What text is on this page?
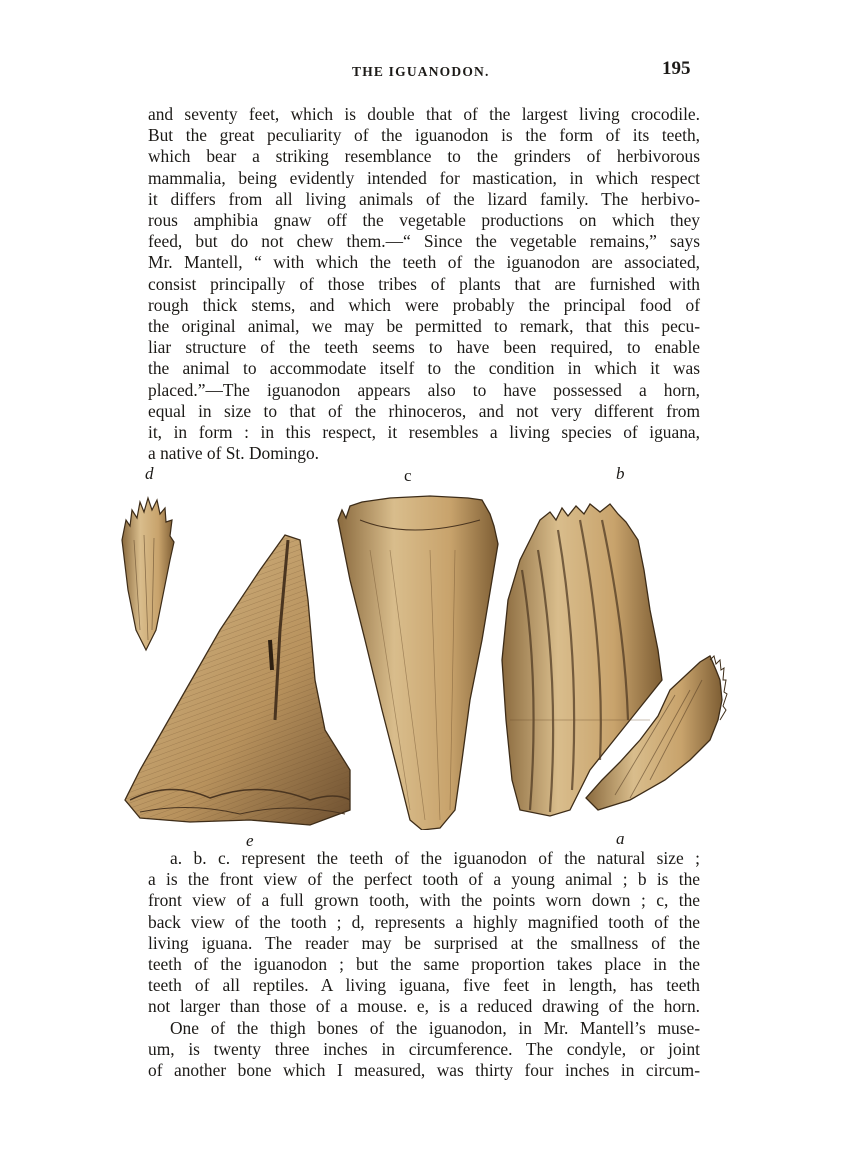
THE IGUANODON.	195
and seventy feet, which is double that of the largest living crocodile.
But the great peculiarity of the iguanodon is the form of its teeth,
which bear a striking resemblance to the grinders of herbivorous
mammalia, being evidently intended for mastication, in which respect
it differs from all living animals of the lizard family. The herbivo-
rous amphibia gnaw off the vegetable productions on which they
feed, but do not chew them.—“ Since the vegetable remains,” says
Mr. Mantell, “ with which the teeth of the iguanodon are associated,
consist principally of those tribes of plants that are furnished with
rough thick stems, and which were probably the principal food of
the original animal, we may be permitted to remark, that this pecu-
liar structure of the teeth seems to have been required, to enable
the animal to accommodate itself to the condition in which it was
placed.”—The iguanodon appears also to have possessed a horn,
equal in size to that of the rhinoceros, and not very different from
it, in form : in this respect, it resembles a living species of iguana,
a native of St. Domingo.
d	c	b
e	a
a. b. c. represent the teeth of the iguanodon of the natural size ;
a is the front view of the perfect tooth of a young animal ; b is the
front view of a full grown tooth, with the points worn down ; c, the
back view of the tooth ; d, represents a highly magnified tooth of the
living iguana. The reader may be surprised at the smallness of the
teeth of the iguanodon ; but the same proportion takes place in the
teeth of all reptiles. A living iguana, five feet in length, has teeth
not larger than those of a mouse. e, is a reduced drawing of the horn.
One of the thigh bones of the iguanodon, in Mr. Mantell’s muse-
um, is twenty three inches in circumference. The condyle, or joint
of another bone which I measured, was thirty four inches in circum-
